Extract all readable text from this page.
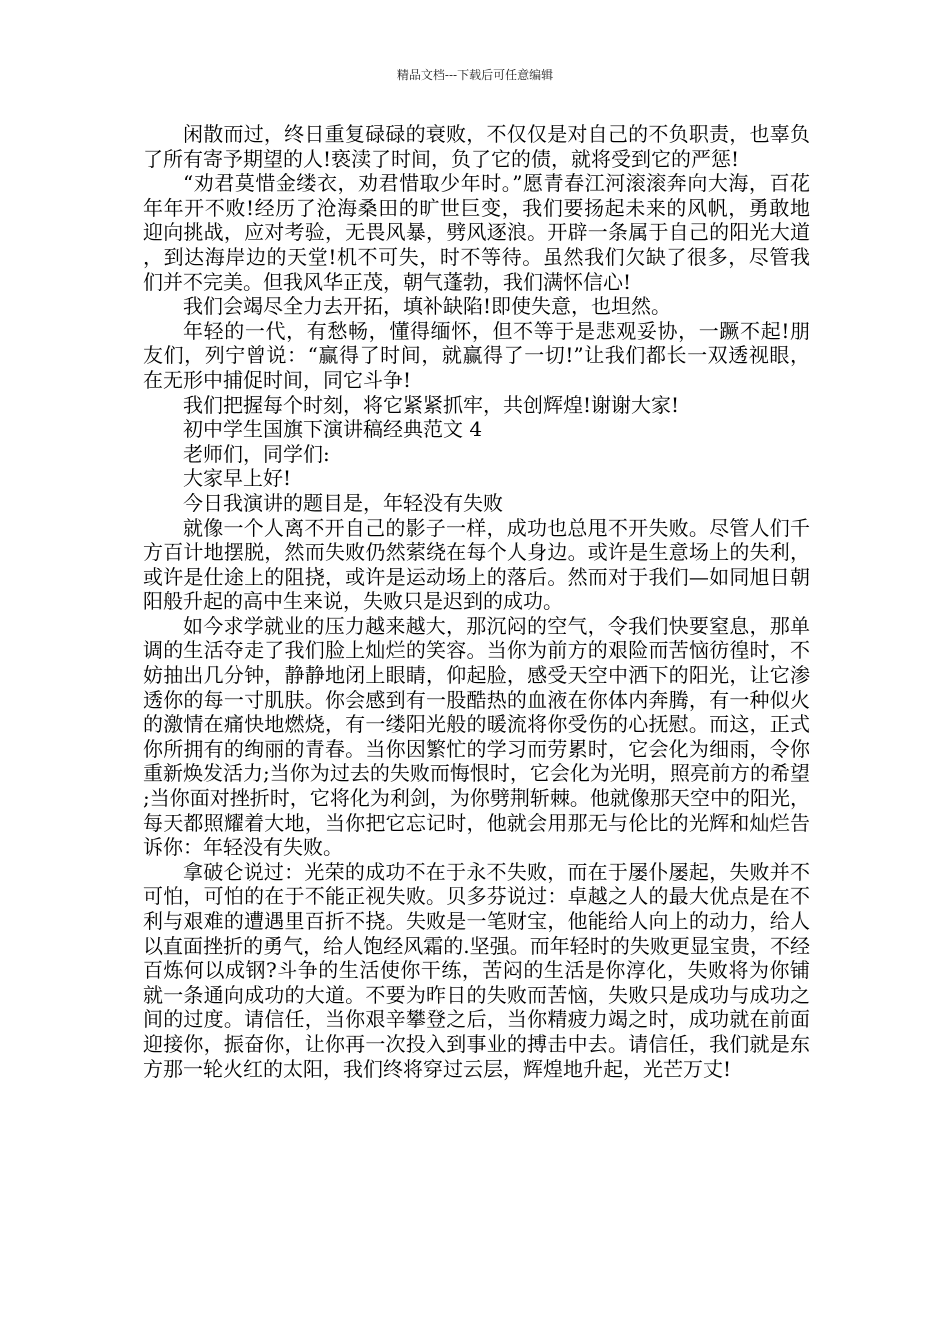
精品文档---下载后可任意编辑

闲散而过，终日重复碌碌的衰败，不仅仅是对自己的不负职责，也辜负了所有寄予期望的人!亵渎了时间，负了它的债，就将受到它的严惩!

“劝君莫惜金缕衣，劝君惜取少年时。”愿青春江河滚滚奔向大海，百花年年开不败!经历了沧海桑田的旷世巨变，我们要扬起未来的风帆，勇敢地迎向挑战，应对考验，无畏风暴，劈风逐浪。开辟一条属于自己的阳光大道，到达海岸边的天堂!机不可失，时不等待。虽然我们欠缺了很多，尽管我们并不完美。但我风华正茂，朝气蓬勃，我们满怀信心!

我们会竭尽全力去开拓，填补缺陷!即使失意，也坦然。

年轻的一代，有愁畅，懂得缅怀，但不等于是悲观妥协，一蹶不起!朋友们，列宁曾说：“赢得了时间，就赢得了一切!”让我们都长一双透视眼，在无形中捕促时间，同它斗争!

我们把握每个时刻，将它紧紧抓牢，共创辉煌!谢谢大家!

初中学生国旗下演讲稿经典范文 4

老师们，同学们:

大家早上好!

今日我演讲的题目是，年轻没有失败

就像一个人离不开自己的影子一样，成功也总甩不开失败。尽管人们千方百计地摆脱，然而失败仍然萦绕在每个人身边。或许是生意场上的失利，或许是仕途上的阻挠，或许是运动场上的落后。然而对于我们—如同旭日朝阳般升起的高中生来说，失败只是迟到的成功。

如今求学就业的压力越来越大，那沉闷的空气，令我们快要窒息，那单调的生活夺走了我们脸上灿烂的笑容。当你为前方的艰险而苦恼彷徨时，不妨抽出几分钟，静静地闭上眼睛，仰起脸，感受天空中洒下的阳光，让它渗透你的每一寸肌肤。你会感到有一股酷热的血液在你体内奔腾，有一种似火的激情在痛快地燃烧，有一缕阳光般的暖流将你受伤的心抚慰。而这，正式你所拥有的绚丽的青春。当你因繁忙的学习而劳累时，它会化为细雨，令你重新焕发活力;当你为过去的失败而悔恨时，它会化为光明，照亮前方的希望;当你面对挫折时，它将化为利剑，为你劈荆斩棘。他就像那天空中的阳光，每天都照耀着大地，当你把它忘记时，他就会用那无与伦比的光辉和灿烂告诉你：年轻没有失败。

拿破仑说过：光荣的成功不在于永不失败，而在于屡仆屡起，失败并不可怕，可怕的在于不能正视失败。贝多芬说过：卓越之人的最大优点是在不利与艰难的遭遇里百折不挠。失败是一笔财宝，他能给人向上的动力，给人以直面挫折的勇气，给人饱经风霜的.坚强。而年轻时的失败更显宝贵，不经百炼何以成钢?斗争的生活使你干练，苦闷的生活是你淳化，失败将为你铺就一条通向成功的大道。不要为昨日的失败而苦恼，失败只是成功与成功之间的过度。请信任，当你艰辛攀登之后，当你精疲力竭之时，成功就在前面迎接你，振奋你，让你再一次投入到事业的搏击中去。请信任，我们就是东方那一轮火红的太阳，我们终将穿过云层，辉煌地升起，光芒万丈!
